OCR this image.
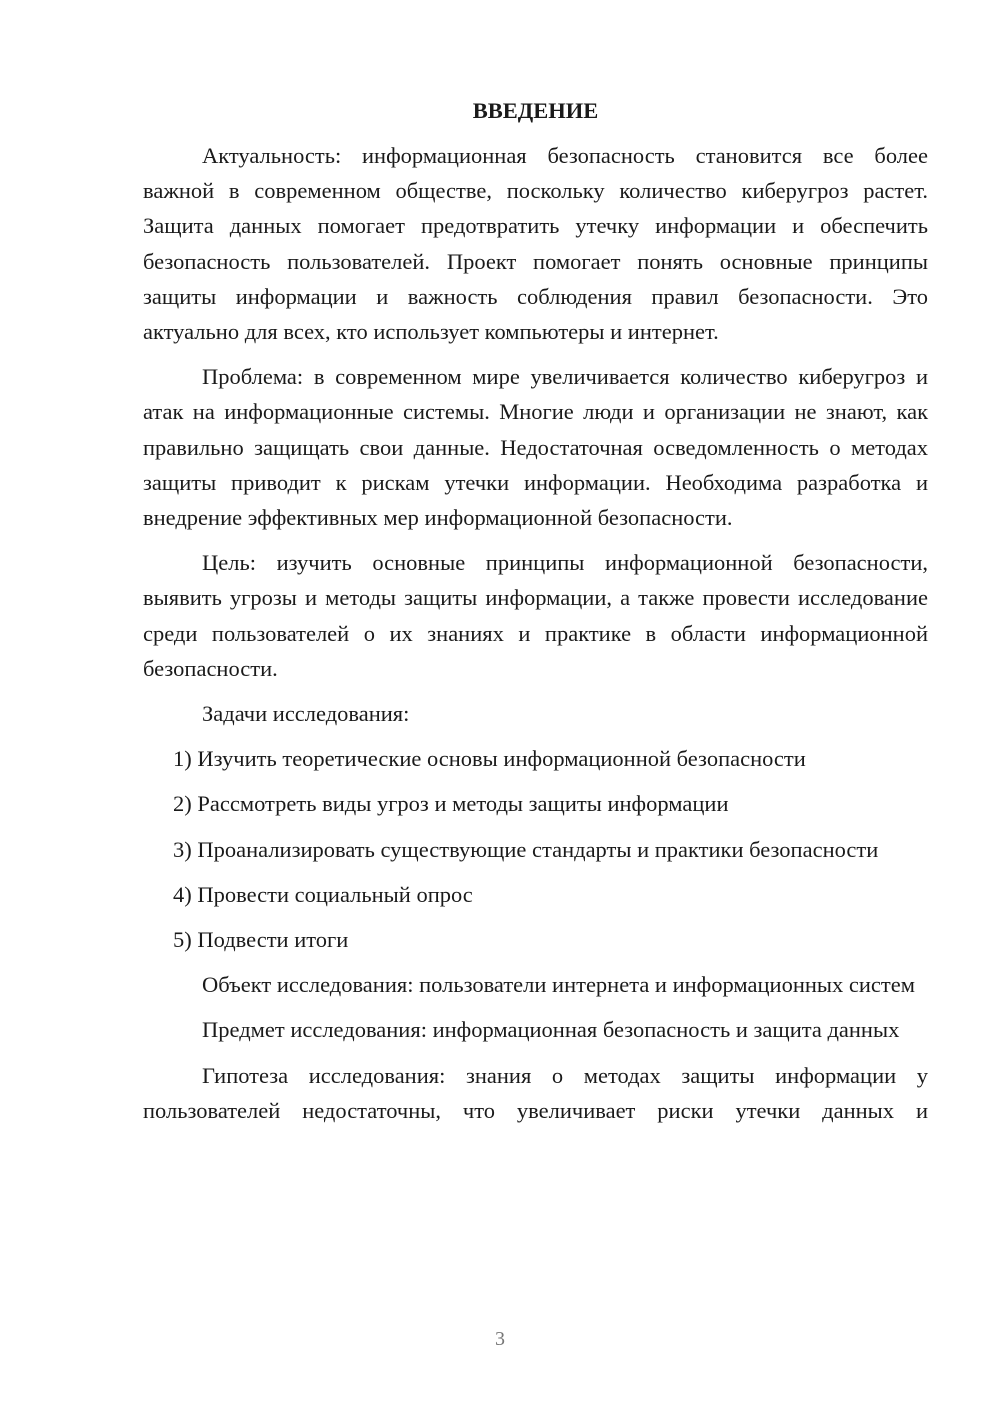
ВВЕДЕНИЕ

Актуальность: информационная безопасность становится все более важной в современном обществе, поскольку количество киберугроз растет. Защита данных помогает предотвратить утечку информации и обеспечить безопасность пользователей. Проект помогает понять основные принципы защиты информации и важность соблюдения правил безопасности. Это актуально для всех, кто использует компьютеры и интернет.

Проблема: в современном мире увеличивается количество киберугроз и атак на информационные системы. Многие люди и организации не знают, как правильно защищать свои данные. Недостаточная осведомленность о методах защиты приводит к рискам утечки информации. Необходима разработка и внедрение эффективных мер информационной безопасности.

Цель: изучить основные принципы информационной безопасности, выявить угрозы и методы защиты информации, а также провести исследование среди пользователей о их знаниях и практике в области информационной безопасности.

Задачи исследования:

1) Изучить теоретические основы информационной безопасности

2) Рассмотреть виды угроз и методы защиты информации

3) Проанализировать существующие стандарты и практики безопасности

4) Провести социальный опрос

5) Подвести итоги

Объект исследования: пользователи интернета и информационных систем

Предмет исследования: информационная безопасность и защита данных

Гипотеза исследования: знания о методах защиты информации у пользователей недостаточны, что увеличивает риски утечки данных и

3
